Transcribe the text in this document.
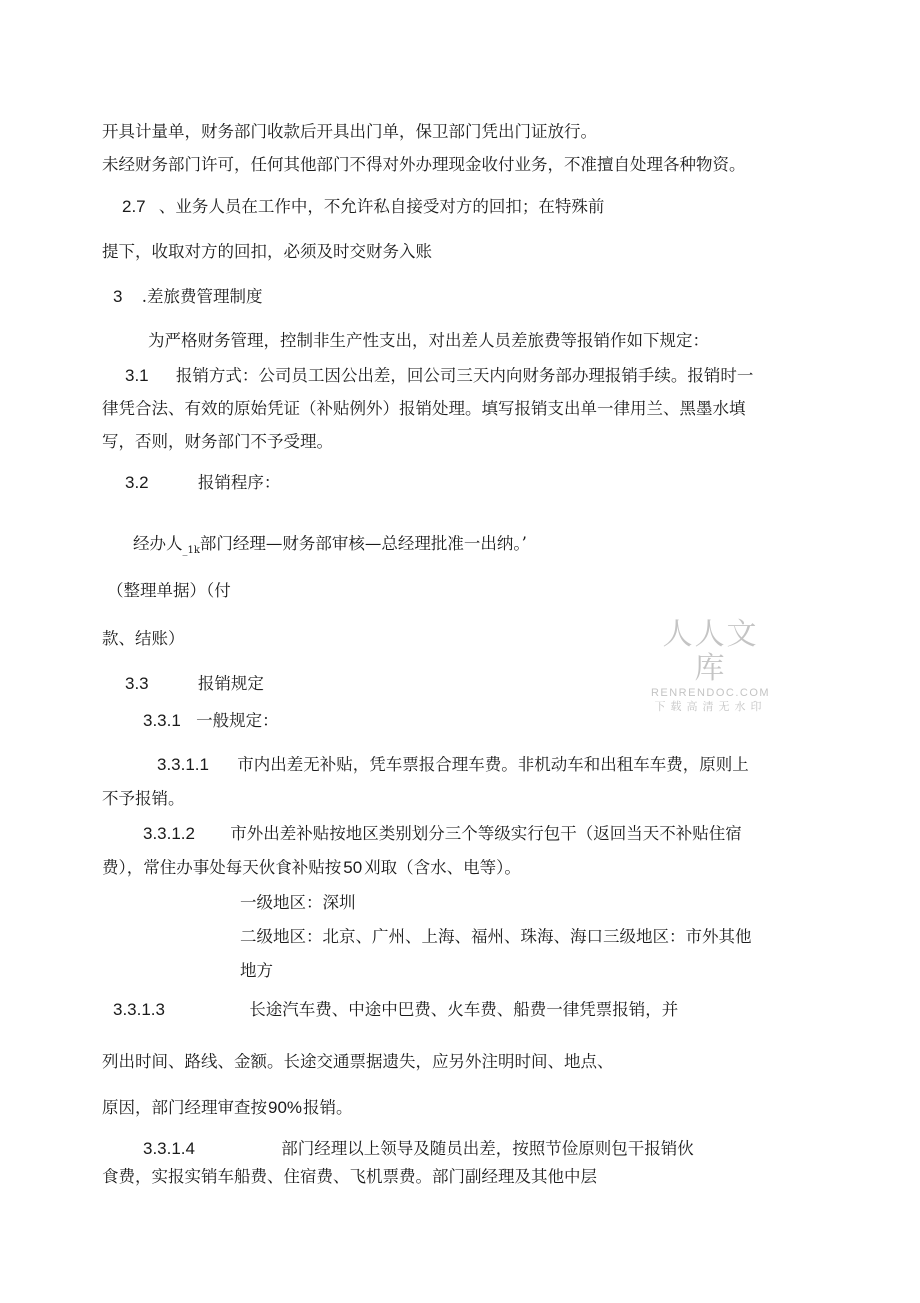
开具计量单，财务部门收款后开具出门单，保卫部门凭出门证放行。
未经财务部门许可，任何其他部门不得对外办理现金收付业务，不准擅自处理各种物资。
2.7 、业务人员在工作中，不允许私自接受对方的回扣；在特殊前
提下，收取对方的回扣，必须及时交财务入账
3 .差旅费管理制度
为严格财务管理，控制非生产性支出，对出差人员差旅费等报销作如下规定：
3.1 报销方式：公司员工因公出差，回公司三天内向财务部办理报销手续。报销时一
律凭合法、有效的原始凭证（补贴例外）报销处理。填写报销支出单一律用兰、黑墨水填
写，否则，财务部门不予受理。
3.2	报销程序：
经办人$_{\_1k}$部门经理—财务部审核—总经理批准一出纳。’
（整理单据）（付
款、结账）
3.3	报销规定
3.3.1 一般规定：
3.3.1.1 市内出差无补贴，凭车票报合理车费。非机动车和出租车车费，原则上
不予报销。
3.3.1.2 市外出差补贴按地区类别划分三个等级实行包干（返回当天不补贴住宿
费），常住办事处每天伙食补贴按 50 刈取（含水、电等）。
一级地区：深圳
二级地区：北京、广州、上海、福州、珠海、海口三级地区：市外其他
地方
3.3.1.3	长途汽车费、中途中巴费、火车费、船费一律凭票报销，并
列出时间、路线、金额。长途交通票据遗失，应另外注明时间、地点、
原因，部门经理审查按90%报销。
3.3.1.4	部门经理以上领导及随员出差，按照节俭原则包干报销伙
食费，实报实销车船费、住宿费、飞机票费。部门副经理及其他中层
人人文库
RENRENDOC.COM
下载高清无水印
